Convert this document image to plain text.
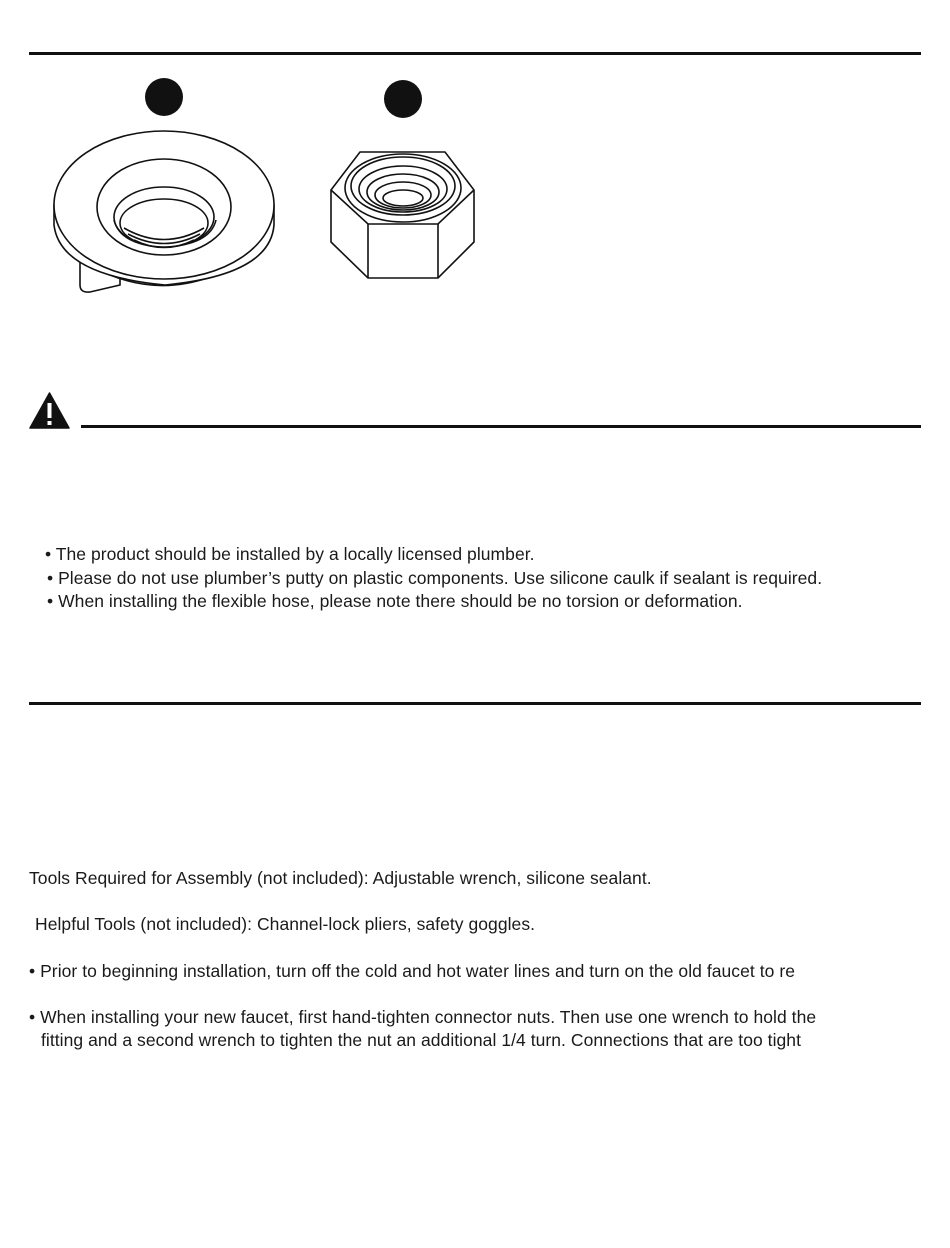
• The product should be installed by a locally licensed plumber.
• Please do not use plumber’s putty on plastic components. Use silicone caulk if sealant is required.
• When installing the flexible hose, please note there should be no torsion or deformation.
Tools Required for Assembly (not included): Adjustable wrench, silicone sealant.
Helpful Tools (not included): Channel-lock pliers, safety goggles.
• Prior to beginning installation, turn off the cold and hot water lines and turn on the old faucet to re
• When installing your new faucet, first hand-tighten connector nuts. Then use one wrench to hold the
fitting and a second wrench to tighten the nut an additional 1/4 turn. Connections that are too tight
